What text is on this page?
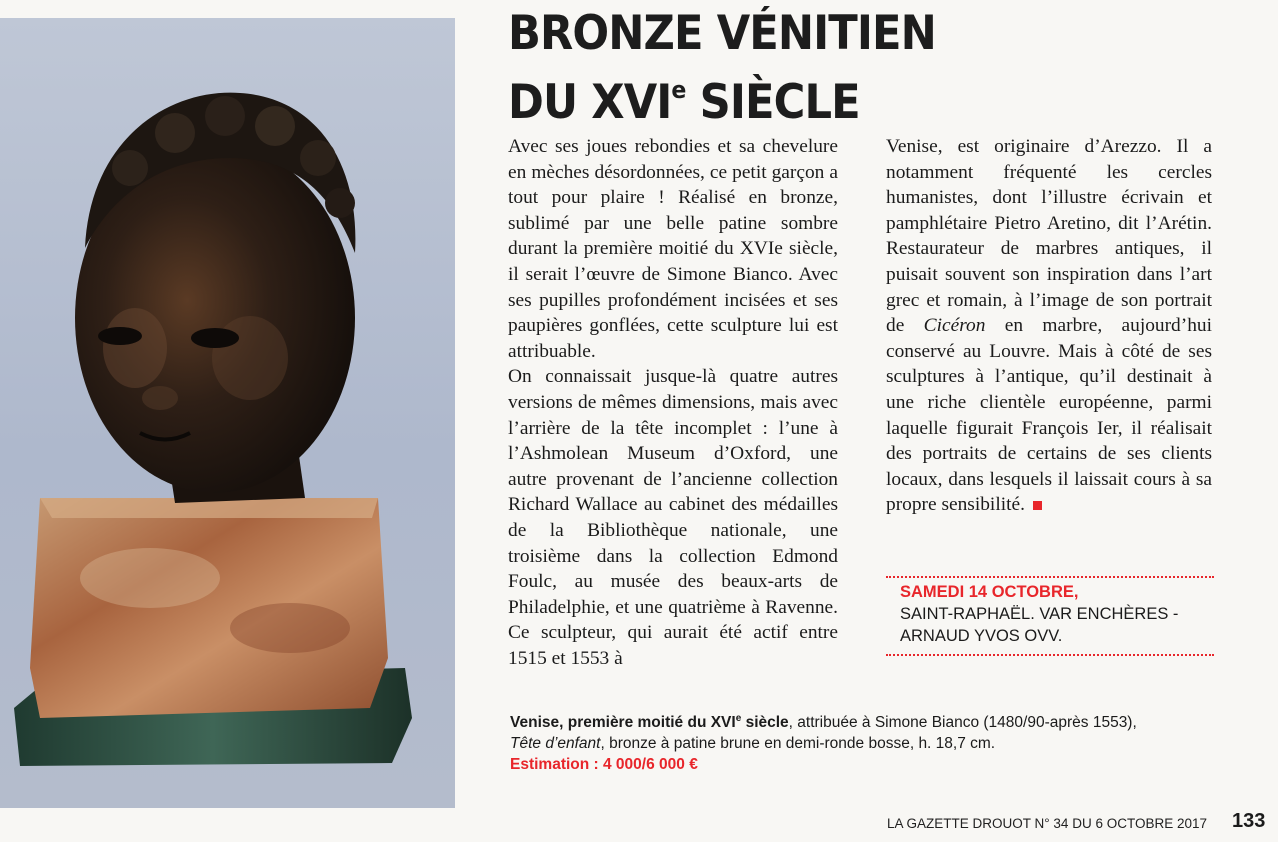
BRONZE VÉNITIEN
DU XVIe SIÈCLE

Avec ses joues rebondies et sa chevelure en mèches désordonnées, ce petit garçon a tout pour plaire ! Réalisé en bronze, sublimé par une belle patine sombre durant la première moitié du XVIe siècle, il serait l’œuvre de Simone Bianco. Avec ses pupilles profondément incisées et ses paupières gonflées, cette sculpture lui est attribuable.

On connaissait jusque-là quatre autres versions de mêmes dimensions, mais avec l’arrière de la tête incomplet : l’une à l’Ashmolean Museum d’Oxford, une autre provenant de l’ancienne collection Richard Wallace au cabinet des médailles de la Bibliothèque nationale, une troisième dans la collection Edmond Foulc, au musée des beaux-arts de Philadelphie, et une quatrième à Ravenne. Ce sculpteur, qui aurait été actif entre 1515 et 1553 à

Venise, est originaire d’Arezzo. Il a notamment fréquenté les cercles humanistes, dont l’illustre écrivain et pamphlétaire Pietro Aretino, dit l’Arétin. Restaurateur de marbres antiques, il puisait souvent son inspiration dans l’art grec et romain, à l’image de son portrait de Cicéron en marbre, aujourd’hui conservé au Louvre. Mais à côté de ses sculptures à l’antique, qu’il destinait à une riche clientèle européenne, parmi laquelle figurait François Ier, il réalisait des portraits de certains de ses clients locaux, dans lesquels il laissait cours à sa propre sensibilité.

SAMEDI 14 OCTOBRE,
SAINT-RAPHAËL. VAR ENCHÈRES -
ARNAUD YVOS OVV.
Venise, première moitié du XVIe siècle, attribuée à Simone Bianco (1480/90-après 1553),
Tête d’enfant, bronze à patine brune en demi-ronde bosse, h. 18,7 cm.
Estimation : 4 000/6 000 €
LA GAZETTE DROUOT N° 34 DU 6 OCTOBRE 2017 133
